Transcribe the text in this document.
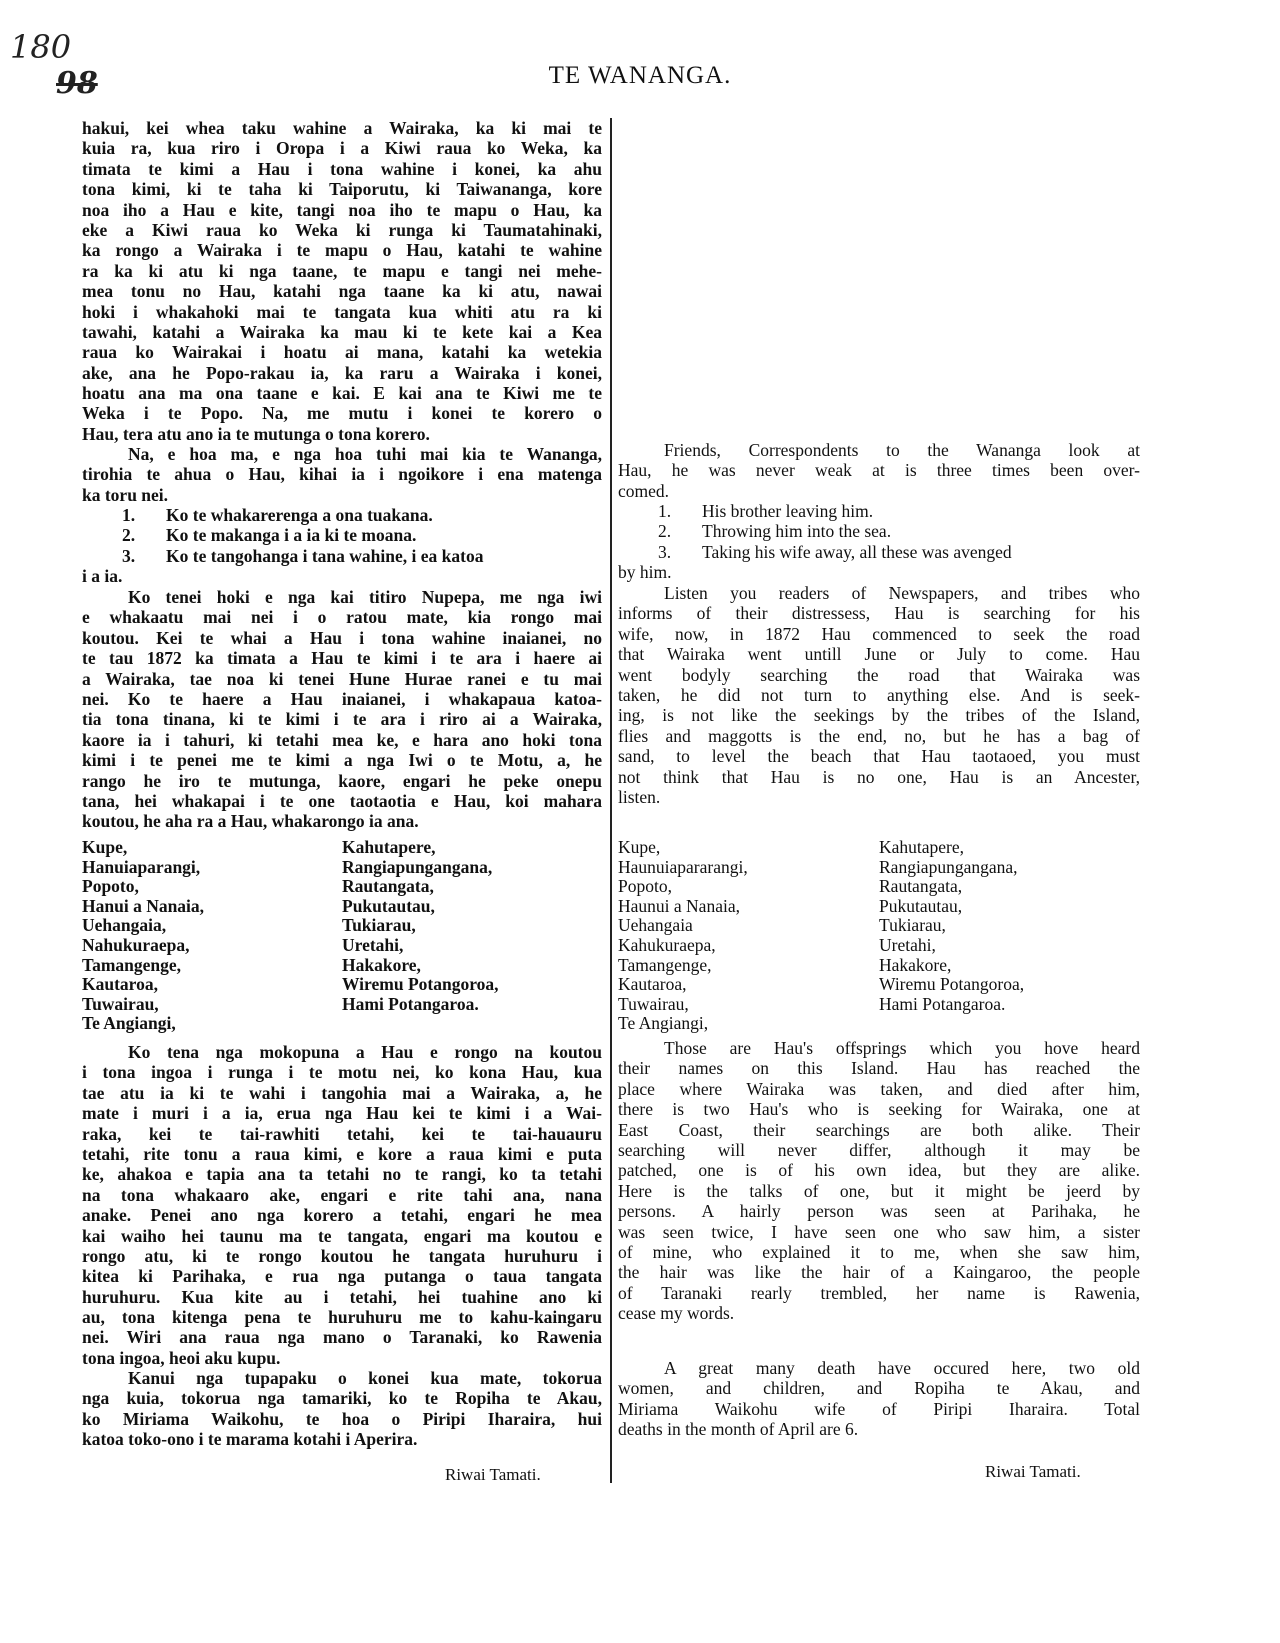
180
98	TE WANANGA.
hakui, kei whea taku wahine a Wairaka, ka ki mai te
kuia ra, kua riro i Oropa i a Kiwi raua ko Weka, ka
timata te kimi a Hau i tona wahine i konei, ka ahu
tona kimi, ki te taha ki Taiporutu, ki Taiwananga, kore
noa iho a Hau e kite, tangi noa iho te mapu o Hau, ka
eke a Kiwi raua ko Weka ki runga ki Taumatahinaki,
ka rongo a Wairaka i te mapu o Hau, katahi te wahine
ra ka ki atu ki nga taane, te mapu e tangi nei mehe-
mea tonu no Hau, katahi nga taane ka ki atu, nawai
hoki i whakahoki mai te tangata kua whiti atu ra ki
tawahi, katahi a Wairaka ka mau ki te kete kai a Kea
raua ko Wairakai i hoatu ai mana, katahi ka wetekia
ake, ana he Popo-rakau ia, ka raru a Wairaka i konei,
hoatu ana ma ona taane e kai. E kai ana te Kiwi me te
Weka i te Popo. Na, me mutu i konei te korero o
Hau, tera atu ano ia te mutunga o tona korero.
Na, e hoa ma, e nga hoa tuhi mai kia te Wananga,
tirohia te ahua o Hau, kihai ia i ngoikore i ena matenga
ka toru nei.
1. Ko te whakarerenga a ona tuakana.
2. Ko te makanga i a ia ki te moana.
3. Ko te tangohanga i tana wahine, i ea katoa
i a ia.
Ko tenei hoki e nga kai titiro Nupepa, me nga iwi
e whakaatu mai nei i o ratou mate, kia rongo mai
koutou. Kei te whai a Hau i tona wahine inaianei, no
te tau 1872 ka timata a Hau te kimi i te ara i haere ai
a Wairaka, tae noa ki tenei Hune Hurae ranei e tu mai
nei. Ko te haere a Hau inaianei, i whakapaua katoa-
tia tona tinana, ki te kimi i te ara i riro ai a Wairaka,
kaore ia i tahuri, ki tetahi mea ke, e hara ano hoki tona
kimi i te penei me te kimi a nga Iwi o te Motu, a, he
rango he iro te mutunga, kaore, engari he peke onepu
tana, hei whakapai i te one taotaotia e Hau, koi mahara
koutou, he aha ra a Hau, whakarongo ia ana.
Kupe,
Hanuiaparangi,
Popoto,
Hanui a Nanaia,
Uehangaia,
Nahukuraepa,
Tamangenge,
Kautaroa,
Tuwairau,
Te Angiangi,
Kahutapere,
Rangiapungangana,
Rautangata,
Pukutautau,
Tukiarau,
Uretahi,
Hakakore,
Wiremu Potangoroa,
Hami Potangaroa.
Ko tena nga mokopuna a Hau e rongo na koutou
i tona ingoa i runga i te motu nei, ko kona Hau, kua
tae atu ia ki te wahi i tangohia mai a Wairaka, a, he
mate i muri i a ia, erua nga Hau kei te kimi i a Wai-
raka, kei te tai-rawhiti tetahi, kei te tai-hauauru
tetahi, rite tonu a raua kimi, e kore a raua kimi e puta
ke, ahakoa e tapia ana ta tetahi no te rangi, ko ta tetahi
na tona whakaaro ake, engari e rite tahi ana, nana
anake. Penei ano nga korero a tetahi, engari he mea
kai waiho hei taunu ma te tangata, engari ma koutou e
rongo atu, ki te rongo koutou he tangata huruhuru i
kitea ki Parihaka, e rua nga putanga o taua tangata
huruhuru. Kua kite au i tetahi, hei tuahine ano ki
au, tona kitenga pena te huruhuru me to kahu-kaingaru
nei. Wiri ana raua nga mano o Taranaki, ko Rawenia
tona ingoa, heoi aku kupu.
Kanui nga tupapaku o konei kua mate, tokorua
nga kuia, tokorua nga tamariki, ko te Ropiha te Akau,
ko Miriama Waikohu, te hoa o Piripi Iharaira, hui
katoa toko-ono i te marama kotahi i Aperira.
Friends, Correspondents to the Wananga look at
Hau, he was never weak at is three times been over-
comed.
1. His brother leaving him.
2. Throwing him into the sea.
3. Taking his wife away, all these was avenged
by him.
Listen you readers of Newspapers, and tribes who
informs of their distressess, Hau is searching for his
wife, now, in 1872 Hau commenced to seek the road
that Wairaka went untill June or July to come. Hau
went bodyly searching the road that Wairaka was
taken, he did not turn to anything else. And is seek-
ing, is not like the seekings by the tribes of the Island,
flies and maggotts is the end, no, but he has a bag of
sand, to level the beach that Hau taotaoed, you must
not think that Hau is no one, Hau is an Ancester,
listen.
Kupe,
Haunuiapararangi,
Popoto,
Haunui a Nanaia,
Uehangaia
Kahukuraepa,
Tamangenge,
Kautaroa,
Tuwairau,
Te Angiangi,
Kahutapere,
Rangiapungangana,
Rautangata,
Pukutautau,
Tukiarau,
Uretahi,
Hakakore,
Wiremu Potangoroa,
Hami Potangaroa.
Those are Hau's offsprings which you hove heard
their names on this Island. Hau has reached the
place where Wairaka was taken, and died after him,
there is two Hau's who is seeking for Wairaka, one at
East Coast, their searchings are both alike. Their
searching will never differ, although it may be
patched, one is of his own idea, but they are alike.
Here is the talks of one, but it might be jeerd by
persons. A hairly person was seen at Parihaka, he
was seen twice, I have seen one who saw him, a sister
of mine, who explained it to me, when she saw him,
the hair was like the hair of a Kaingaroo, the people
of Taranaki rearly trembled, her name is Rawenia,
cease my words.
A great many death have occured here, two old
women, and children, and Ropiha te Akau, and
Miriama Waikohu wife of Piripi Iharaira. Total
deaths in the month of April are 6.
Riwai Tamati.	Riwai Tamati.
